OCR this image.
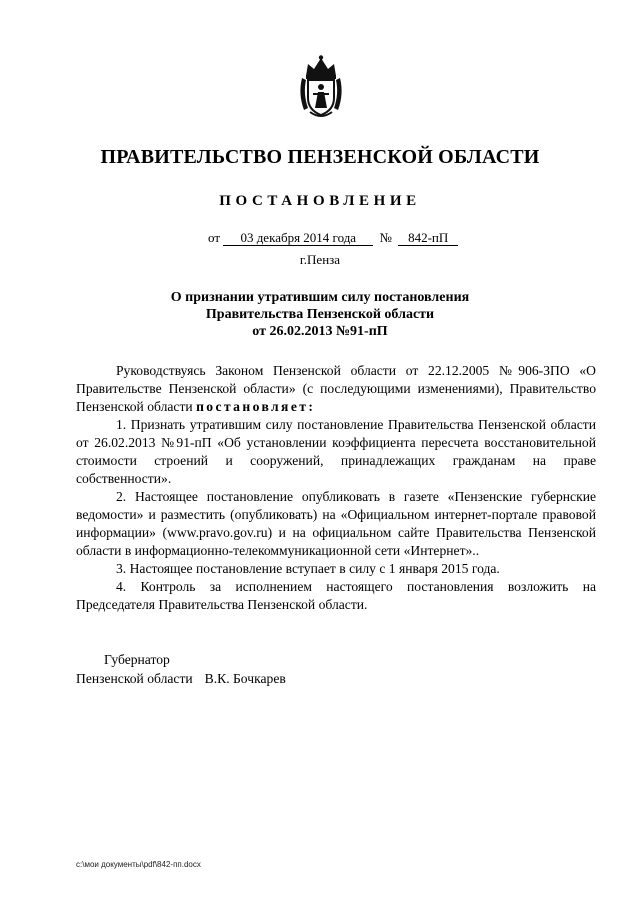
ПРАВИТЕЛЬСТВО ПЕНЗЕНСКОЙ ОБЛАСТИ
ПОСТАНОВЛЕНИЕ
от 03 декабря 2014 года № 842-пП
г.Пенза
О признании утратившим силу постановления
Правительства Пензенской области
от 26.02.2013 №91-пП

Руководствуясь Законом Пензенской области от 22.12.2005 №906-ЗПО «О Правительстве Пензенской области» (с последующими изменениями), Правительство Пензенской области постановляет:

1. Признать утратившим силу постановление Правительства Пензенской области от 26.02.2013 №91-пП «Об установлении коэффициента пересчета восстановительной стоимости строений и сооружений, принадлежащих гражданам на праве собственности».

2. Настоящее постановление опубликовать в газете «Пензенские губернские ведомости» и разместить (опубликовать) на «Официальном интернет-портале правовой информации» (www.pravo.gov.ru) и на официальном сайте Правительства Пензенской области в информационно-телекоммуникационной сети «Интернет»..

3. Настоящее постановление вступает в силу с 1 января 2015 года.

4. Контроль за исполнением настоящего постановления возложить на Председателя Правительства Пензенской области.

Губернатор
Пензенской области В.К. Бочкарев
c:\мои документы\pdf\842-пп.docx
